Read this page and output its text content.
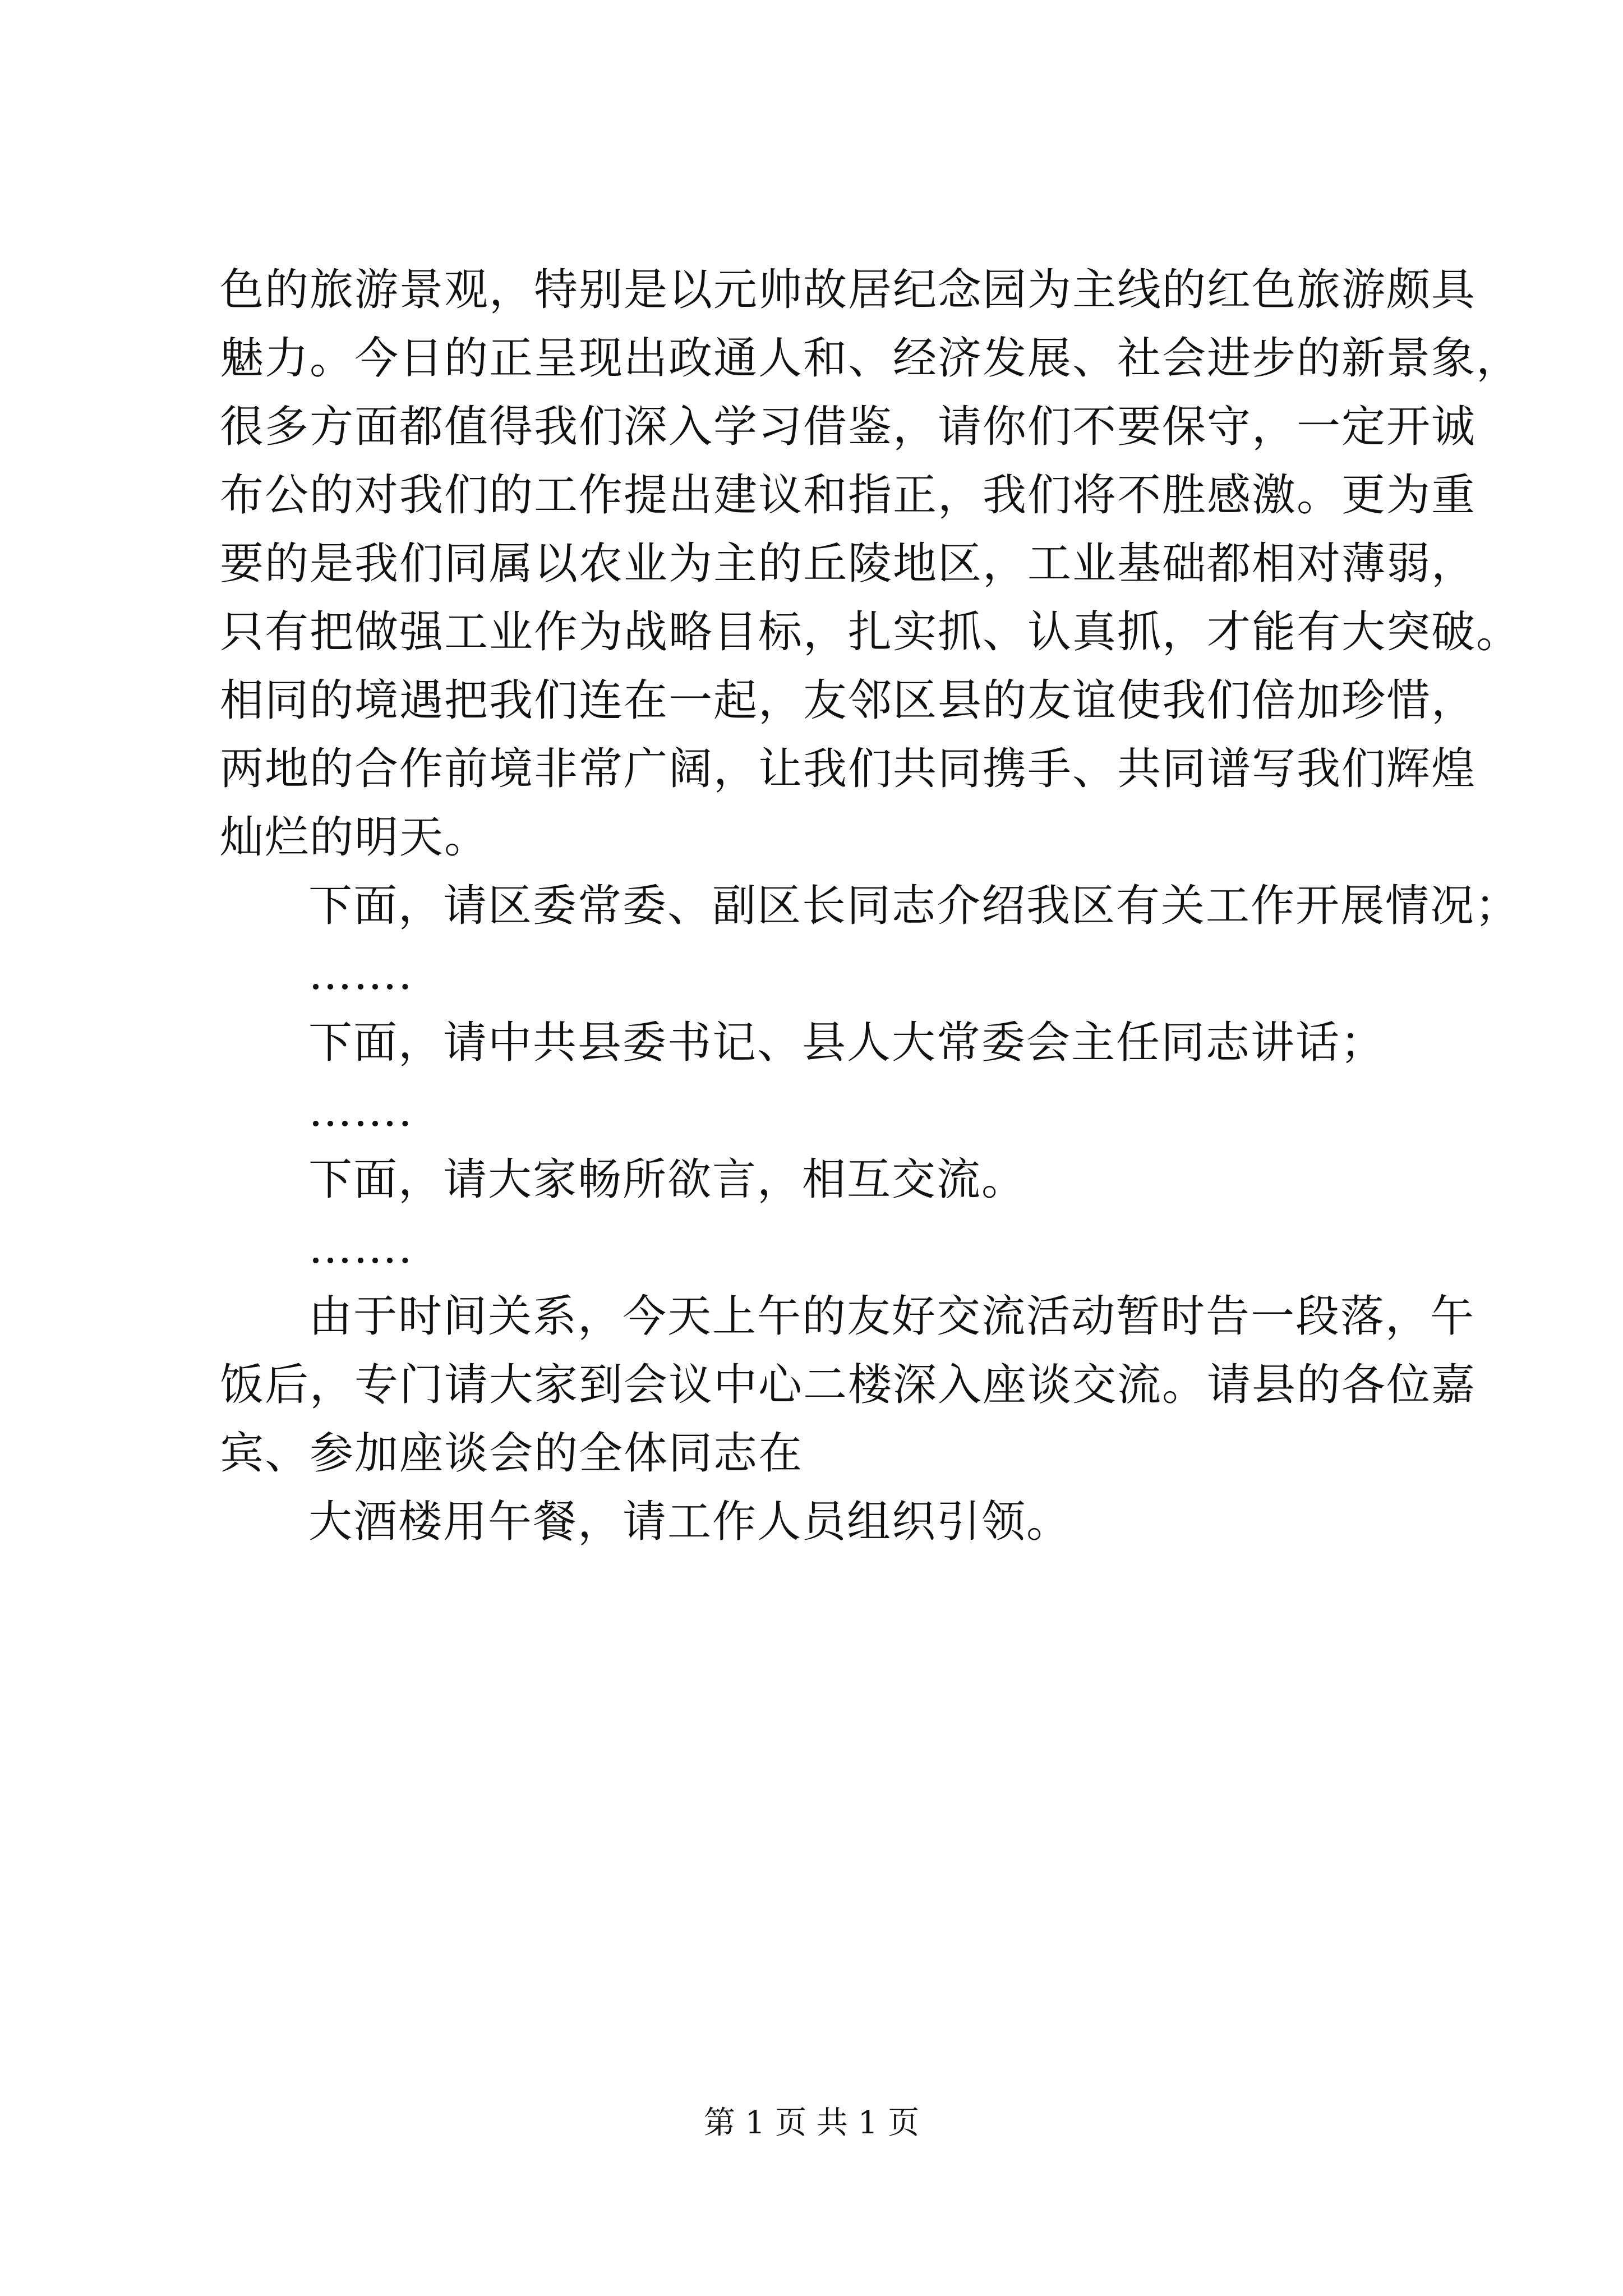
色的旅游景观，特别是以元帅故居纪念园为主线的红色旅游颇具
魅力。今日的正呈现出政通人和、经济发展、社会进步的新景象，
很多方面都值得我们深入学习借鉴，请你们不要保守，一定开诚
布公的对我们的工作提出建议和指正，我们将不胜感激。更为重
要的是我们同属以农业为主的丘陵地区，工业基础都相对薄弱，
只有把做强工业作为战略目标，扎实抓、认真抓，才能有大突破。
相同的境遇把我们连在一起，友邻区县的友谊使我们倍加珍惜，
两地的合作前境非常广阔，让我们共同携手、共同谱写我们辉煌
灿烂的明天。
下面，请区委常委、副区长同志介绍我区有关工作开展情况；
…….
下面，请中共县委书记、县人大常委会主任同志讲话；
…….
下面，请大家畅所欲言，相互交流。
…….
由于时间关系，今天上午的友好交流活动暂时告一段落，午
饭后，专门请大家到会议中心二楼深入座谈交流。请县的各位嘉
宾、参加座谈会的全体同志在
大酒楼用午餐，请工作人员组织引领。
第 1 页 共 1 页
